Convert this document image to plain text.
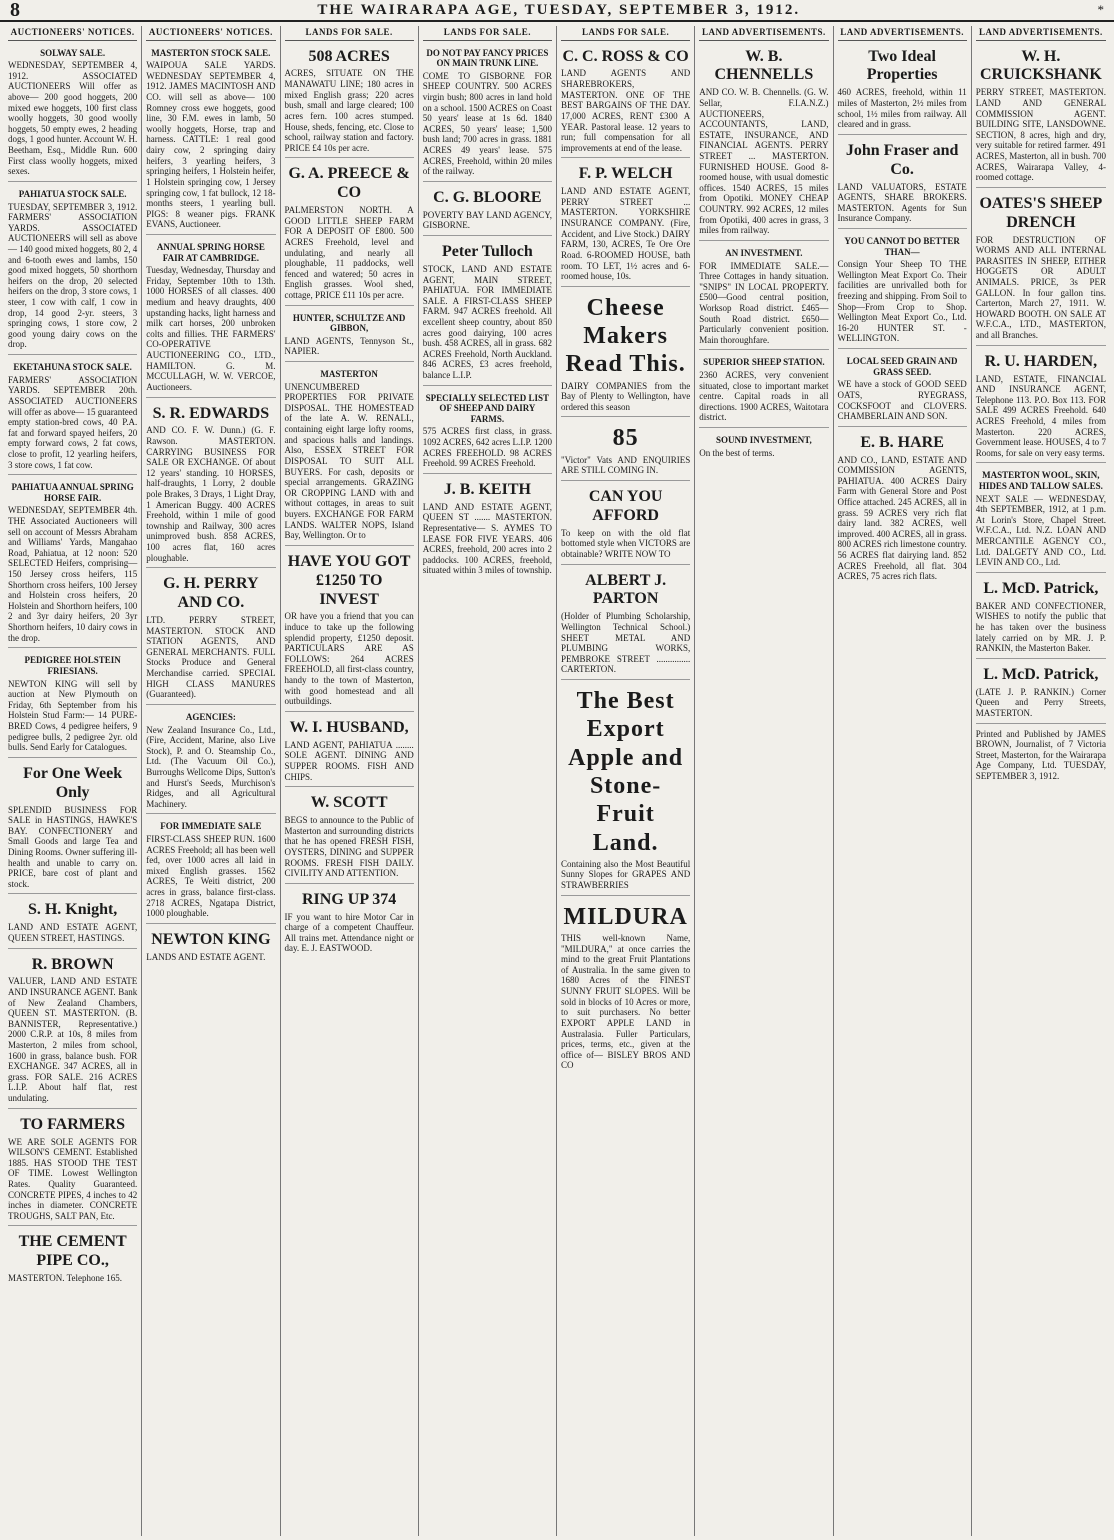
8	THE WAIRARAPA AGE, TUESDAY, SEPTEMBER 3, 1912.	*
AUCTIONEERS' NOTICES.
SOLWAY SALE.
WEDNESDAY, SEPTEMBER 4, 1912. ASSOCIATED AUCTIONEERS Will offer as above— 200 good hoggets, 200 mixed ewe hoggets, 100 first class woolly hoggets, 30 good woolly hoggets, 50 empty ewes, 2 heading dogs, 1 good hunter. Account W. H. Beetham, Esq., Middle Run. 600 First class woolly hoggets, mixed sexes.
PAHIATUA STOCK SALE.
TUESDAY, SEPTEMBER 3, 1912. FARMERS' ASSOCIATION YARDS. ASSOCIATED AUCTIONEERS will sell as above— 140 good mixed hoggets, 80 2, 4 and 6-tooth ewes and lambs, 150 good mixed hoggets, 50 shorthorn heifers on the drop, 20 selected heifers on the drop, 3 store cows, 1 steer, 1 cow with calf, 1 cow in drop, 14 good 2-yr. steers, 3 springing cows, 1 store cow, 2 good young dairy cows on the drop.
EKETAHUNA STOCK SALE.
FARMERS' ASSOCIATION YARDS. SEPTEMBER 20th. ASSOCIATED AUCTIONEERS will offer as above— 15 guaranteed empty station-bred cows, 40 P.A. fat and forward spayed heifers, 20 empty forward cows, 2 fat cows, close to profit, 12 yearling heifers, 3 store cows, 1 fat cow.
PAHIATUA ANNUAL SPRING HORSE FAIR.
WEDNESDAY, SEPTEMBER 4th. THE Associated Auctioneers will sell on account of Messrs Abraham and Williams' Yards, Mangahao Road, Pahiatua, at 12 noon: 520 SELECTED Heifers, comprising— 150 Jersey cross heifers, 115 Shorthorn cross heifers, 100 Jersey and Holstein cross heifers, 20 Holstein and Shorthorn heifers, 100 2 and 3yr dairy heifers, 20 3yr Shorthorn heifers, 10 dairy cows in the drop.
PEDIGREE HOLSTEIN FRIESIANS.
NEWTON KING will sell by auction at New Plymouth on Friday, 6th September from his Holstein Stud Farm:— 14 PURE-BRED Cows, 4 pedigree heifers, 9 pedigree bulls, 2 pedigree 2yr. old bulls. Send Early for Catalogues.
For One Week Only
SPLENDID BUSINESS FOR SALE in HASTINGS, HAWKE'S BAY. CONFECTIONERY and Small Goods and large Tea and Dining Rooms. Owner suffering ill-health and unable to carry on. PRICE, bare cost of plant and stock.
S. H. Knight,
LAND AND ESTATE AGENT, QUEEN STREET, HASTINGS.
R. BROWN
VALUER, LAND AND ESTATE AND INSURANCE AGENT. Bank of New Zealand Chambers, QUEEN ST. MASTERTON. (B. BANNISTER, Representative.) 2000 C.R.P. at 10s, 8 miles from Masterton, 2 miles from school, 1600 in grass, balance bush. FOR EXCHANGE. 347 ACRES, all in grass. FOR SALE. 216 ACRES L.I.P. About half flat, rest undulating.
TO FARMERS
WE ARE SOLE AGENTS FOR WILSON'S CEMENT. Established 1885. HAS STOOD THE TEST OF TIME. Lowest Wellington Rates. Quality Guaranteed. CONCRETE PIPES, 4 inches to 42 inches in diameter. CONCRETE TROUGHS, SALT PAN, Etc.
THE CEMENT PIPE CO.,
MASTERTON. Telephone 165.
AUCTIONEERS' NOTICES.
MASTERTON STOCK SALE.
WAIPOUA SALE YARDS. WEDNESDAY SEPTEMBER 4, 1912. JAMES MACINTOSH AND CO. will sell as above— 100 Romney cross ewe hoggets, good line, 30 F.M. ewes in lamb, 50 woolly hoggets, Horse, trap and harness. CATTLE: 1 real good dairy cow, 2 springing dairy heifers, 3 yearling heifers, 3 springing heifers, 1 Holstein heifer, 1 Holstein springing cow, 1 Jersey springing cow, 1 fat bullock, 12 18-months steers, 1 yearling bull. PIGS: 8 weaner pigs. FRANK EVANS, Auctioneer.
ANNUAL SPRING HORSE FAIR AT CAMBRIDGE.
Tuesday, Wednesday, Thursday and Friday, September 10th to 13th. 1000 HORSES of all classes. 400 medium and heavy draughts, 400 upstanding hacks, light harness and milk cart horses, 200 unbroken colts and fillies. THE FARMERS' CO-OPERATIVE AUCTIONEERING CO., LTD., HAMILTON. G. M. MCCULLAGH, W. W. VERCOE, Auctioneers.
S. R. EDWARDS
AND CO. F. W. Dunn.) (G. F. Rawson. MASTERTON. CARRYING BUSINESS FOR SALE OR EXCHANGE. Of about 12 years' standing. 10 HORSES, half-draughts, 1 Lorry, 2 double pole Brakes, 3 Drays, 1 Light Dray, 1 American Buggy. 400 ACRES Freehold, within 1 mile of good township and Railway, 300 acres unimproved bush. 858 ACRES, 100 acres flat, 160 acres ploughable.
G. H. PERRY AND CO.
LTD. PERRY STREET, MASTERTON. STOCK AND STATION AGENTS, AND GENERAL MERCHANTS. FULL Stocks Produce and General Merchandise carried. SPECIAL HIGH CLASS MANURES (Guaranteed).
AGENCIES:
New Zealand Insurance Co., Ltd., (Fire, Accident, Marine, also Live Stock), P. and O. Steamship Co., Ltd. (The Vacuum Oil Co.), Burroughs Wellcome Dips, Sutton's and Hurst's Seeds, Murchison's Ridges, and all Agricultural Machinery.
FOR IMMEDIATE SALE
FIRST-CLASS SHEEP RUN. 1600 ACRES Freehold; all has been well fed, over 1000 acres all laid in mixed English grasses. 1562 ACRES, Te Weiti district, 200 acres in grass, balance first-class. 2718 ACRES, Ngatapa District, 1000 ploughable.
NEWTON KING
LANDS AND ESTATE AGENT.
LANDS FOR SALE.
508 ACRES
ACRES, SITUATE ON THE MANAWATU LINE; 180 acres in mixed English grass; 220 acres bush, small and large cleared; 100 acres fern. 100 acres stumped. House, sheds, fencing, etc. Close to school, railway station and factory. PRICE £4 10s per acre.
G. A. PREECE & CO
PALMERSTON NORTH. A GOOD LITTLE SHEEP FARM FOR A DEPOSIT OF £800. 500 ACRES Freehold, level and undulating, and nearly all ploughable, 11 paddocks, well fenced and watered; 50 acres in English grasses. Wool shed, cottage, PRICE £11 10s per acre.
HUNTER, SCHULTZE AND GIBBON,
LAND AGENTS, Tennyson St., NAPIER.
MASTERTON
UNENCUMBERED PROPERTIES FOR PRIVATE DISPOSAL. THE HOMESTEAD of the late A. W. RENALL, containing eight large lofty rooms, and spacious halls and landings. Also, ESSEX STREET FOR DISPOSAL TO SUIT ALL BUYERS. For cash, deposits or special arrangements. GRAZING OR CROPPING LAND with and without cottages, in areas to suit buyers. EXCHANGE FOR FARM LANDS. WALTER NOPS, Island Bay, Wellington. Or to
HAVE YOU GOT £1250 TO INVEST
OR have you a friend that you can induce to take up the following splendid property, £1250 deposit. PARTICULARS ARE AS FOLLOWS: 264 ACRES FREEHOLD, all first-class country, handy to the town of Masterton, with good homestead and all outbuildings.
W. I. HUSBAND,
LAND AGENT, PAHIATUA ........ SOLE AGENT. DINING AND SUPPER ROOMS. FISH AND CHIPS.
W. SCOTT
BEGS to announce to the Public of Masterton and surrounding districts that he has opened FRESH FISH, OYSTERS, DINING and SUPPER ROOMS. FRESH FISH DAILY. CIVILITY AND ATTENTION.
RING UP 374
IF you want to hire Motor Car in charge of a competent Chauffeur. All trains met. Attendance night or day. E. J. EASTWOOD.
LANDS FOR SALE.
DO NOT PAY FANCY PRICES ON MAIN TRUNK LINE.
COME TO GISBORNE FOR SHEEP COUNTRY. 500 ACRES virgin bush; 800 acres in land hold on a school. 1500 ACRES on Coast 50 years' lease at 1s 6d. 1840 ACRES, 50 years' lease; 1,500 bush land; 700 acres in grass. 1881 ACRES 49 years' lease. 575 ACRES, Freehold, within 20 miles of the railway.
C. G. BLOORE
POVERTY BAY LAND AGENCY, GISBORNE.
Peter Tulloch
STOCK, LAND AND ESTATE AGENT, MAIN STREET, PAHIATUA. FOR IMMEDIATE SALE. A FIRST-CLASS SHEEP FARM. 947 ACRES freehold. All excellent sheep country, about 850 acres good dairying, 100 acres bush. 458 ACRES, all in grass. 682 ACRES Freehold, North Auckland. 846 ACRES, £3 acres freehold, balance L.I.P.
SPECIALLY SELECTED LIST OF SHEEP AND DAIRY FARMS.
575 ACRES first class, in grass. 1092 ACRES, 642 acres L.I.P. 1200 ACRES FREEHOLD. 98 ACRES Freehold. 99 ACRES Freehold.
J. B. KEITH
LAND AND ESTATE AGENT, QUEEN ST ....... MASTERTON. Representative— S. AYMES TO LEASE FOR FIVE YEARS. 406 ACRES, freehold, 200 acres into 2 paddocks. 100 ACRES, freehold, situated within 3 miles of township.
LANDS FOR SALE.
C. C. ROSS & CO
LAND AGENTS AND SHAREBROKERS, MASTERTON. ONE OF THE BEST BARGAINS OF THE DAY. 17,000 ACRES, RENT £300 A YEAR. Pastoral lease. 12 years to run; full compensation for all improvements at end of the lease.
F. P. WELCH
LAND AND ESTATE AGENT, PERRY STREET ... MASTERTON. YORKSHIRE INSURANCE COMPANY. (Fire, Accident, and Live Stock.) DAIRY FARM, 130, ACRES, Te Ore Ore Road. 6-ROOMED HOUSE, bath room. TO LET, 1½ acres and 6-roomed house, 10s.
Cheese Makers Read This.
DAIRY COMPANIES from the Bay of Plenty to Wellington, have ordered this season
85
"Victor" Vats AND ENQUIRIES ARE STILL COMING IN.
CAN YOU AFFORD
To keep on with the old flat bottomed style when VICTORS are obtainable? WRITE NOW TO
ALBERT J. PARTON
(Holder of Plumbing Scholarship, Wellington Technical School.) SHEET METAL AND PLUMBING WORKS, PEMBROKE STREET ............... CARTERTON.
The Best Export Apple and Stone-Fruit Land.
Containing also the Most Beautiful Sunny Slopes for GRAPES AND STRAWBERRIES
MILDURA
THIS well-known Name, "MILDURA," at once carries the mind to the great Fruit Plantations of Australia. In the same given to 1680 Acres of the FINEST SUNNY FRUIT SLOPES. Will be sold in blocks of 10 Acres or more, to suit purchasers. No better EXPORT APPLE LAND in Australasia. Fuller Particulars, prices, terms, etc., given at the office of— BISLEY BROS AND CO
LAND ADVERTISEMENTS.
W. B. CHENNELLS
AND CO. W. B. Chennells. (G. W. Sellar, F.I.A.N.Z.) AUCTIONEERS, ACCOUNTANTS, LAND, ESTATE, INSURANCE, AND FINANCIAL AGENTS. PERRY STREET ... MASTERTON. FURNISHED HOUSE. Good 8-roomed house, with usual domestic offices. 1540 ACRES, 15 miles from Opotiki. MONEY CHEAP COUNTRY. 992 ACRES, 12 miles from Opotiki, 400 acres in grass, 3 miles from railway.
AN INVESTMENT.
FOR IMMEDIATE SALE.— Three Cottages in handy situation. "SNIPS" IN LOCAL PROPERTY. £500—Good central position, Worksop Road district. £465—South Road district. £650—Particularly convenient position. Main thoroughfare.
SUPERIOR SHEEP STATION.
2360 ACRES, very convenient situated, close to important market centre. Capital roads in all directions. 1900 ACRES, Waitotara district.
SOUND INVESTMENT,
On the best of terms.
LAND ADVERTISEMENTS.
Two Ideal Properties
460 ACRES, freehold, within 11 miles of Masterton, 2½ miles from school, 1½ miles from railway. All cleared and in grass.
John Fraser and Co.
LAND VALUATORS, ESTATE AGENTS, SHARE BROKERS. MASTERTON. Agents for Sun Insurance Company.
YOU CANNOT DO BETTER THAN—
Consign Your Sheep TO THE Wellington Meat Export Co. Their facilities are unrivalled both for freezing and shipping. From Soil to Shop—From Crop to Shop. Wellington Meat Export Co., Ltd. 16-20 HUNTER ST. - WELLINGTON.
LOCAL SEED GRAIN AND GRASS SEED.
WE have a stock of GOOD SEED OATS, RYEGRASS, COCKSFOOT and CLOVERS. CHAMBERLAIN AND SON.
E. B. HARE
AND CO., LAND, ESTATE AND COMMISSION AGENTS, PAHIATUA. 400 ACRES Dairy Farm with General Store and Post Office attached. 245 ACRES, all in grass. 59 ACRES very rich flat dairy land. 382 ACRES, well improved. 400 ACRES, all in grass. 800 ACRES rich limestone country. 56 ACRES flat dairying land. 852 ACRES Freehold, all flat. 304 ACRES, 75 acres rich flats.
LAND ADVERTISEMENTS.
W. H. CRUICKSHANK
PERRY STREET, MASTERTON. LAND AND GENERAL COMMISSION AGENT. BUILDING SITE, LANSDOWNE. SECTION, 8 acres, high and dry, very suitable for retired farmer. 491 ACRES, Masterton, all in bush. 700 ACRES, Wairarapa Valley, 4-roomed cottage.
OATES'S SHEEP DRENCH
FOR DESTRUCTION OF WORMS AND ALL INTERNAL PARASITES IN SHEEP, EITHER HOGGETS OR ADULT ANIMALS. PRICE, 3s PER GALLON. In four gallon tins. Carterton, March 27, 1911. W. HOWARD BOOTH. ON SALE AT W.F.C.A., LTD., MASTERTON, and all Branches.
R. U. HARDEN,
LAND, ESTATE, FINANCIAL AND INSURANCE AGENT, Telephone 113. P.O. Box 113. FOR SALE 499 ACRES Freehold. 640 ACRES Freehold, 4 miles from Masterton. 220 ACRES, Government lease. HOUSES, 4 to 7 Rooms, for sale on very easy terms.
MASTERTON WOOL, SKIN, HIDES AND TALLOW SALES.
NEXT SALE — WEDNESDAY, 4th SEPTEMBER, 1912, at 1 p.m. At Lorin's Store, Chapel Street. W.F.C.A., Ltd. N.Z. LOAN AND MERCANTILE AGENCY CO., Ltd. DALGETY AND CO., Ltd. LEVIN AND CO., Ltd.
L. McD. Patrick,
BAKER AND CONFECTIONER, WISHES to notify the public that he has taken over the business lately carried on by MR. J. P. RANKIN, the Masterton Baker.
L. McD. Patrick,
(LATE J. P. RANKIN.) Corner Queen and Perry Streets, MASTERTON.
Printed and Published by JAMES BROWN, Journalist, of 7 Victoria Street, Masterton, for the Wairarapa Age Company, Ltd. TUESDAY, SEPTEMBER 3, 1912.
